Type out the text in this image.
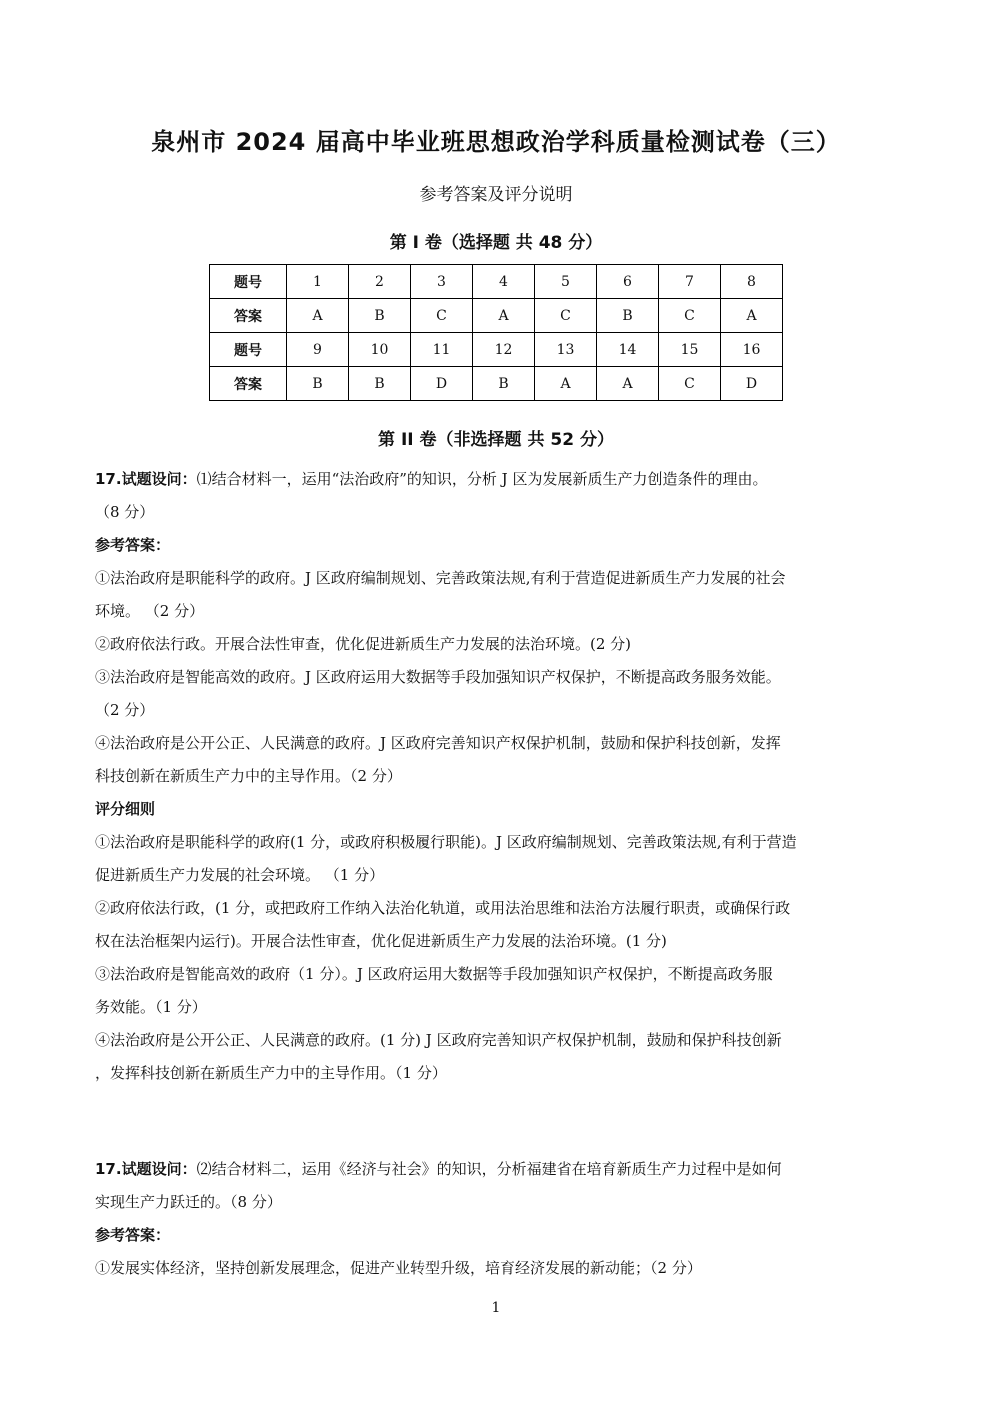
泉州市 2024 届高中毕业班思想政治学科质量检测试卷（三）
参考答案及评分说明
第 I 卷（选择题 共 48 分）
题号	1	2	3	4	5	6	7	8
答案	A	B	C	A	C	B	C	A
题号	9	10	11	12	13	14	15	16
答案	B	B	D	B	A	A	C	D
第 II 卷（非选择题 共 52 分）
17.试题设问：⑴结合材料一，运用“法治政府”的知识，分析 J 区为发展新质生产力创造条件的理由。
（8 分）
参考答案：
①法治政府是职能科学的政府。J 区政府编制规划、完善政策法规,有利于营造促进新质生产力发展的社会
环境。 （2 分）
②政府依法行政。开展合法性审查，优化促进新质生产力发展的法治环境。(2 分)
③法治政府是智能高效的政府。J 区政府运用大数据等手段加强知识产权保护，不断提高政务服务效能。
（2 分）
④法治政府是公开公正、人民满意的政府。J 区政府完善知识产权保护机制，鼓励和保护科技创新，发挥
科技创新在新质生产力中的主导作用。（2 分）
评分细则
①法治政府是职能科学的政府(1 分，或政府积极履行职能)。J 区政府编制规划、完善政策法规,有利于营造
促进新质生产力发展的社会环境。 （1 分）
②政府依法行政，(1 分，或把政府工作纳入法治化轨道，或用法治思维和法治方法履行职责，或确保行政
权在法治框架内运行)。开展合法性审查，优化促进新质生产力发展的法治环境。(1 分)
③法治政府是智能高效的政府（1 分）。J 区政府运用大数据等手段加强知识产权保护，不断提高政务服
务效能。（1 分）
④法治政府是公开公正、人民满意的政府。(1 分) J 区政府完善知识产权保护机制，鼓励和保护科技创新
，发挥科技创新在新质生产力中的主导作用。（1 分）
17.试题设问：⑵结合材料二，运用《经济与社会》的知识，分析福建省在培育新质生产力过程中是如何
实现生产力跃迁的。（8 分）
参考答案：
①发展实体经济，坚持创新发展理念，促进产业转型升级，培育经济发展的新动能；（2 分）
1
